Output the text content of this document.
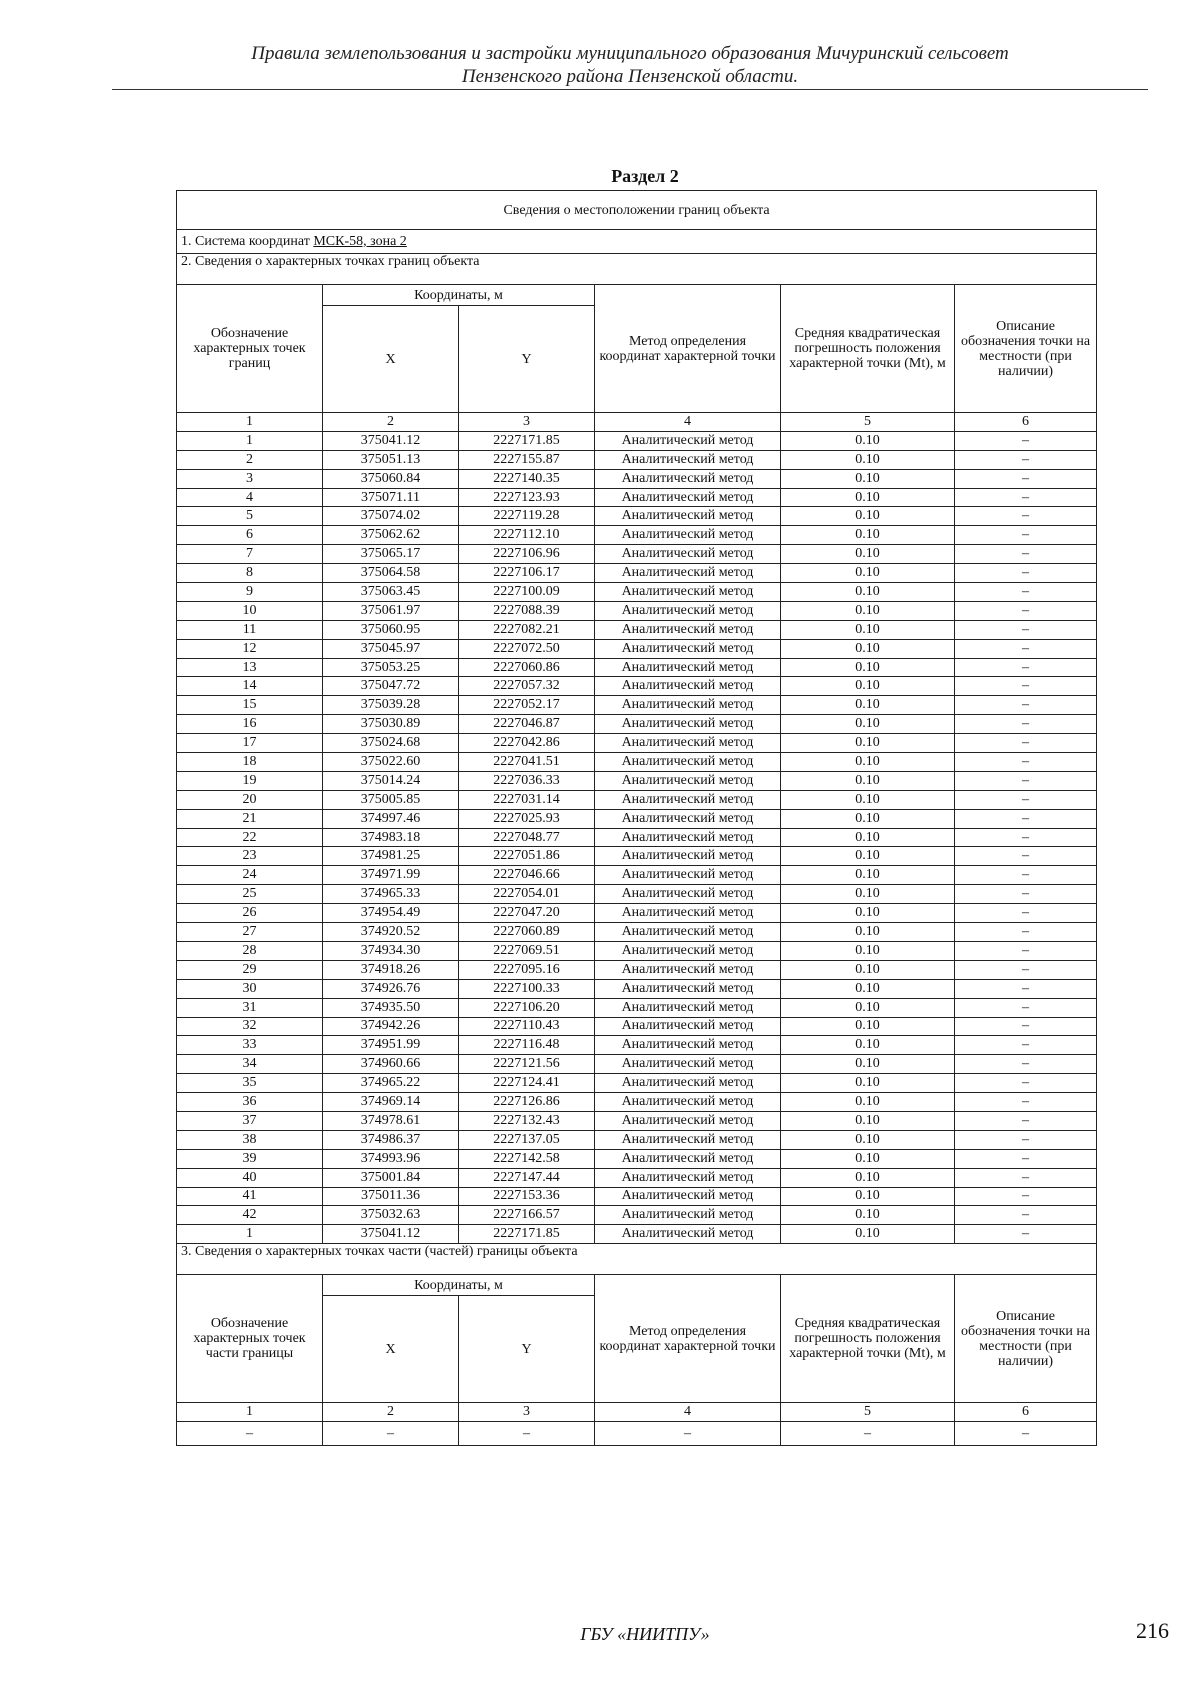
Правила землепользования и застройки муниципального образования Мичуринский сельсовет
Пензенского района Пензенской области.
Раздел 2
Сведения о местоположении границ объекта					
1. Система координат МСК-58, зона 2					
2. Сведения о характерных точках границ объекта					
Обозначение характерных точек границ	Координаты, м		Метод определения координат характерной точки	Средняя квадратическая погрешность положения характерной точки (Mt), м	Описание обозначения точки на местности (при наличии)
	X	Y			
1	2	3	4	5	6
1	375041.12	2227171.85	Аналитический метод	0.10	–
2	375051.13	2227155.87	Аналитический метод	0.10	–
3	375060.84	2227140.35	Аналитический метод	0.10	–
4	375071.11	2227123.93	Аналитический метод	0.10	–
5	375074.02	2227119.28	Аналитический метод	0.10	–
6	375062.62	2227112.10	Аналитический метод	0.10	–
7	375065.17	2227106.96	Аналитический метод	0.10	–
8	375064.58	2227106.17	Аналитический метод	0.10	–
9	375063.45	2227100.09	Аналитический метод	0.10	–
10	375061.97	2227088.39	Аналитический метод	0.10	–
11	375060.95	2227082.21	Аналитический метод	0.10	–
12	375045.97	2227072.50	Аналитический метод	0.10	–
13	375053.25	2227060.86	Аналитический метод	0.10	–
14	375047.72	2227057.32	Аналитический метод	0.10	–
15	375039.28	2227052.17	Аналитический метод	0.10	–
16	375030.89	2227046.87	Аналитический метод	0.10	–
17	375024.68	2227042.86	Аналитический метод	0.10	–
18	375022.60	2227041.51	Аналитический метод	0.10	–
19	375014.24	2227036.33	Аналитический метод	0.10	–
20	375005.85	2227031.14	Аналитический метод	0.10	–
21	374997.46	2227025.93	Аналитический метод	0.10	–
22	374983.18	2227048.77	Аналитический метод	0.10	–
23	374981.25	2227051.86	Аналитический метод	0.10	–
24	374971.99	2227046.66	Аналитический метод	0.10	–
25	374965.33	2227054.01	Аналитический метод	0.10	–
26	374954.49	2227047.20	Аналитический метод	0.10	–
27	374920.52	2227060.89	Аналитический метод	0.10	–
28	374934.30	2227069.51	Аналитический метод	0.10	–
29	374918.26	2227095.16	Аналитический метод	0.10	–
30	374926.76	2227100.33	Аналитический метод	0.10	–
31	374935.50	2227106.20	Аналитический метод	0.10	–
32	374942.26	2227110.43	Аналитический метод	0.10	–
33	374951.99	2227116.48	Аналитический метод	0.10	–
34	374960.66	2227121.56	Аналитический метод	0.10	–
35	374965.22	2227124.41	Аналитический метод	0.10	–
36	374969.14	2227126.86	Аналитический метод	0.10	–
37	374978.61	2227132.43	Аналитический метод	0.10	–
38	374986.37	2227137.05	Аналитический метод	0.10	–
39	374993.96	2227142.58	Аналитический метод	0.10	–
40	375001.84	2227147.44	Аналитический метод	0.10	–
41	375011.36	2227153.36	Аналитический метод	0.10	–
42	375032.63	2227166.57	Аналитический метод	0.10	–
1	375041.12	2227171.85	Аналитический метод	0.10	–
3. Сведения о характерных точках части (частей) границы объекта					
Обозначение характерных точек части границы	Координаты, м		Метод определения координат характерной точки	Средняя квадратическая погрешность положения характерной точки (Mt), м	Описание обозначения точки на местности (при наличии)
	X	Y			
1	2	3	4	5	6
–	–	–	–	–	–
ГБУ «НИИТПУ»	216
